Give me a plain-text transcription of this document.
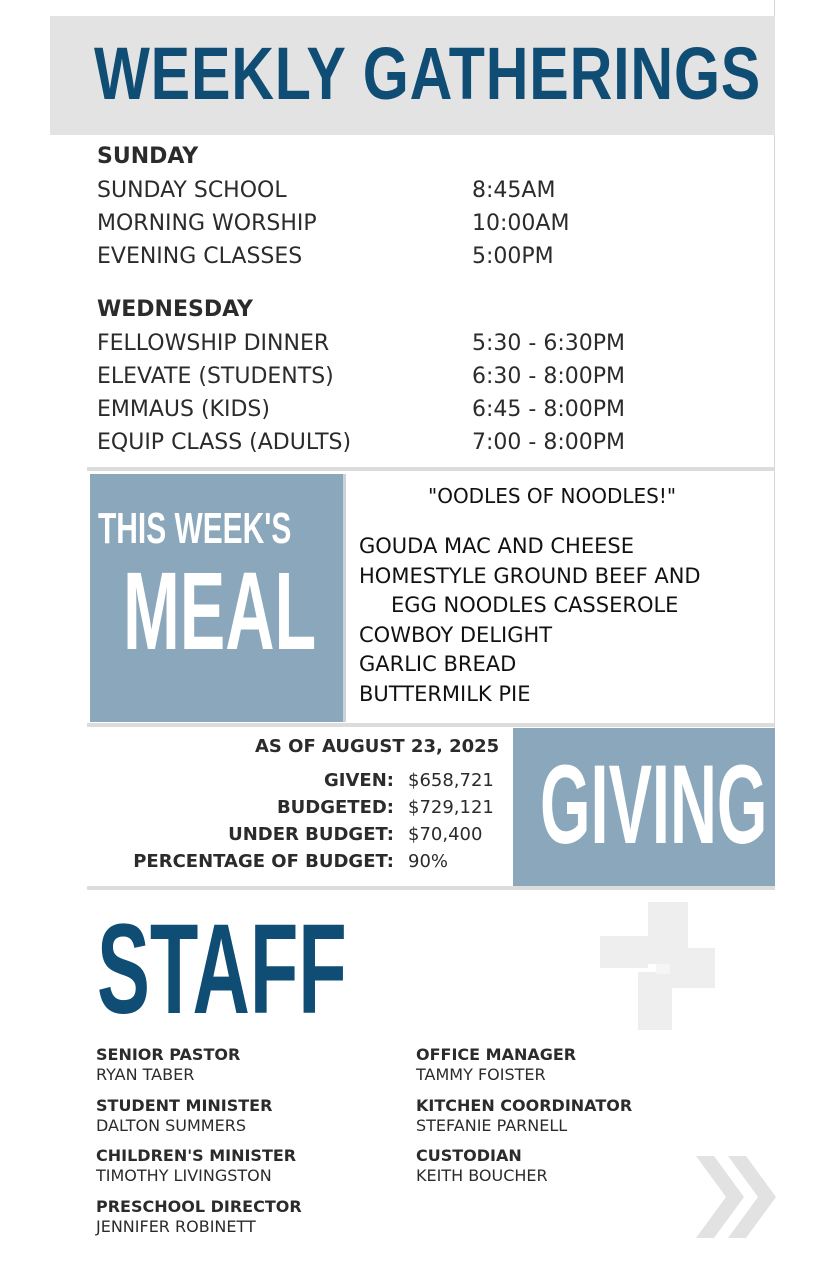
WEEKLY GATHERINGS
SUNDAY
SUNDAY SCHOOL	8:45AM
MORNING WORSHIP	10:00AM
EVENING CLASSES	5:00PM
WEDNESDAY
FELLOWSHIP DINNER	5:30 - 6:30PM
ELEVATE (STUDENTS)	6:30 - 8:00PM
EMMAUS (KIDS)	6:45 - 8:00PM
EQUIP CLASS (ADULTS)	7:00 - 8:00PM
THIS WEEK'S
MEAL
"OODLES OF NOODLES!"
GOUDA MAC AND CHEESE
HOMESTYLE GROUND BEEF AND
EGG NOODLES CASSEROLE
COWBOY DELIGHT
GARLIC BREAD
BUTTERMILK PIE
AS OF AUGUST 23, 2025
GIVEN: $658,721
BUDGETED: $729,121
UNDER BUDGET: $70,400
PERCENTAGE OF BUDGET: 90% GIVING
STAFF
SENIOR PASTOR
RYAN TABER
STUDENT MINISTER
DALTON SUMMERS
CHILDREN'S MINISTER
TIMOTHY LIVINGSTON
PRESCHOOL DIRECTOR
JENNIFER ROBINETT
OFFICE MANAGER
TAMMY FOISTER
KITCHEN COORDINATOR
STEFANIE PARNELL
CUSTODIAN
KEITH BOUCHER
